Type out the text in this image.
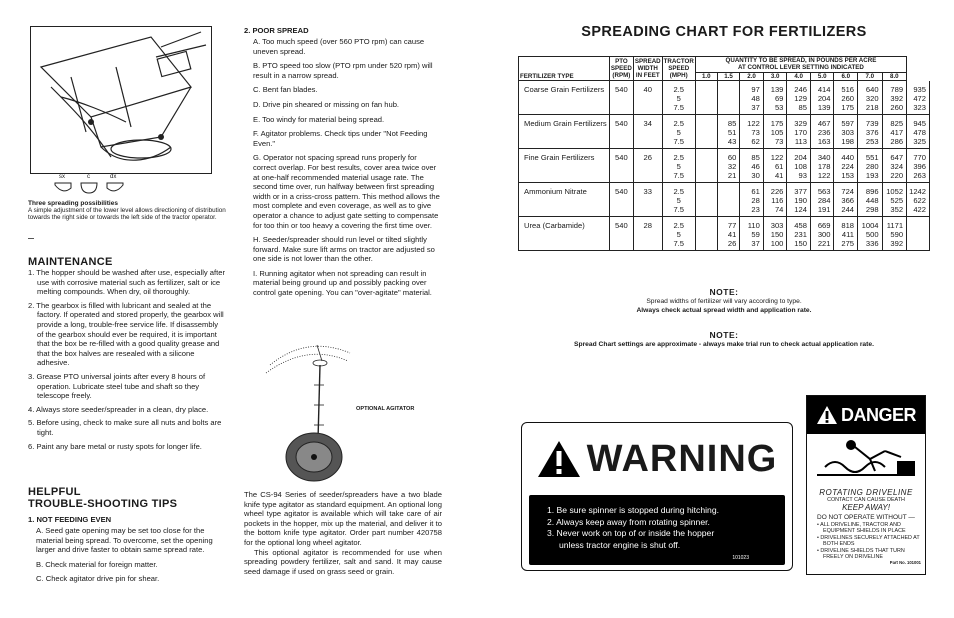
sx	c	dx
Three spreading possibilities
A simple adjustment of the lower level allows directioning of distribution towards the right side or towards the left side of the tractor operator.
MAINTENANCE
1. The hopper should be washed after use, especially after use with corrosive material such as fertilizer, salt or ice melting compounds. When dry, oil thoroughly.
2. The gearbox is filled with lubricant and sealed at the factory. If operated and stored properly, the gearbox will provide a long, trouble-free service life. If disassembly of the gearbox should ever be required, it is important that the box be re-filled with a good quality grease and that the box halves are resealed with a silicone adhesive.
3. Grease PTO universal joints after every 8 hours of operation. Lubricate steel tube and shaft so they telescope freely.
4. Always store seeder/spreader in a clean, dry place.
5. Before using, check to make sure all nuts and bolts are tight.
6. Paint any bare metal or rusty spots for longer life.
HELPFUL
TROUBLE-SHOOTING TIPS
1. NOT FEEDING EVEN
A. Seed gate opening may be set too close for the material being spread. To overcome, set the opening larger and drive faster to obtain same spread rate.
B. Check material for foreign matter.
C. Check agitator drive pin for shear.
2. POOR SPREAD
A. Too much speed (over 560 PTO rpm) can cause uneven spread.
B. PTO speed too slow (PTO rpm under 520 rpm) will result in a narrow spread.
C. Bent fan blades.
D. Drive pin sheared or missing on fan hub.
E. Too windy for material being spread.
F. Agitator problems. Check tips under "Not Feeding Even."
G. Operator not spacing spread runs properly for correct overlap. For best results, cover area twice over at one-half recommended material usage rate. The second time over, run halfway between first spreading width or in a criss-cross pattern. This method allows the most complete and even coverage, as well as to give operator a chance to adjust gate setting to compensate for too thin or too heavy a covering the first time over.
H. Seeder/spreader should run level or tilted slightly forward. Make sure lift arms on tractor are adjusted so one side is not lower than the other.
I. Running agitator when not spreading can result in material being ground up and possibly packing over control gate opening. You can "over-agitate" material.
OPTIONAL AGITATOR

The CS-94 Series of seeder/spreaders have a two blade knife type agitator as standard equipment. An optional long wheel type agitator is available which will take care of air pockets in the hopper, mix up the material, and deliver it to the bottom knife type agitator. Order part number 420758 for the optional long wheel agitator.

This optional agitator is recommended for use when spreading powdery fertilizer, salt and sand. It may cause seed damage if used on grass seed or grain.

SPREADING CHART FOR FERTILIZERS
FERTILIZER TYPE	PTO
SPEED
(RPM)	SPREAD
WIDTH
IN FEET	TRACTOR
SPEED
(MPH)	QUANTITY TO BE SPREAD, IN POUNDS PER ACRE
AT CONTROL LEVER SETTING INDICATED									
				1.0	1.5	2.0	3.0	4.0	5.0	6.0	7.0	8.0	
Coarse Grain Fertilizers	540	40	2.5			97	139	246	414	516	640	789	935
			5			48	69	129	204	260	320	392	472
			7.5			37	53	85	139	175	218	260	323
Medium Grain Fertilizers	540	34	2.5		85	122	175	329	467	597	739	825	945
			5		51	73	105	170	236	303	376	417	478
			7.5		43	62	73	113	163	198	253	286	325
Fine Grain Fertilizers	540	26	2.5		60	85	122	204	340	440	551	647	770
			5		32	46	61	108	178	224	280	324	396
			7.5		21	30	41	93	122	153	193	220	263
Ammonium Nitrate	540	33	2.5			61	226	377	563	724	896	1052	1242
			5			28	116	190	284	366	448	525	622
			7.5			23	74	124	191	244	298	352	422
Urea (Carbamide)	540	28	2.5		77	110	303	458	669	818	1004	1171	
			5		41	59	150	231	300	411	500	590	
			7.5		26	37	100	150	221	275	336	392	
NOTE:
Spread widths of fertilizer will vary according to type.
Always check actual spread width and application rate.
NOTE:
Spread Chart settings are approximate - always make trial run to check actual application rate.
WARNING
1. Be sure spinner is stopped during hitching.
2. Always keep away from rotating spinner.
3. Never work on top of or inside the hopper
unless tractor engine is shut off.
101023
DANGER
ROTATING DRIVELINE
CONTACT CAN CAUSE DEATH
KEEP AWAY!
DO NOT OPERATE WITHOUT —
• ALL DRIVELINE, TRACTOR AND EQUIPMENT SHIELDS IN PLACE
• DRIVELINES SECURELY ATTACHED AT BOTH ENDS
• DRIVELINE SHIELDS THAT TURN FREELY ON DRIVELINE
Part No. 101001
